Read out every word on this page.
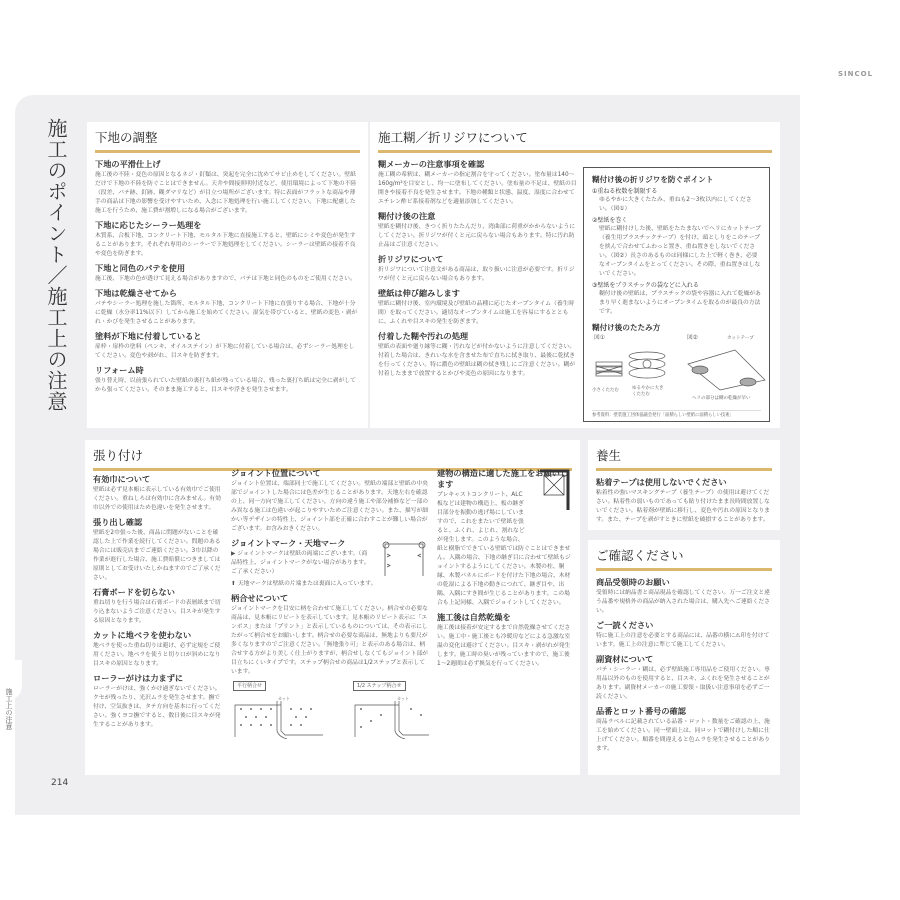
SINCOL
施工のポイント／施工上の注意
施工上の注意
214
下地の調整
下地の平滑仕上げ
施工後の不陸・変色の原因となるネジ・釘類は、突起を完全に沈めてサビ止めをしてください。壁紙だけで下地の不陸を防ぐことはできません。天井や間接照明付近など、使用環境によって下地の不陸（段差、パテ跡、釘跡、糊ダマリなど）が目立つ場所がございます。特に表面がフラットな商品や薄手の商品は下地の影響を受けやすいため、入念に下地処理を行い施工してください。下地に配慮した施工を行うため、施工費が割増しになる場合がございます。
下地に応じたシーラー処理を
木質系、合板下地、コンクリート下地、モルタル下地に直接施工すると、壁紙にシミや変色が発生することがあります。それぞれ専用のシーラーで下地処理をしてください。シーラーは壁紙の接着不良や変色を防ぎます。
下地と同色のパテを使用
施工後、下地の色が透けて見える場合がありますので、パテは下地と同色のものをご使用ください。
下地は乾燥させてから
パテやシーラー処理を施した箇所、モルタル下地、コンクリート下地に直張りする場合、下地が十分に乾燥（水分率11%以下）してから施工を始めてください。湿気を帯びていると、壁紙の変色・剥がれ・かびを発生させることがあります。
塗料が下地に付着していると
扉枠・扉枠の塗料（ペンキ、オイルステイン）が下地に付着している場合は、必ずシーラー処理をしてください。変色や剥がれ、目スキを防ぎます。
リフォーム時
張り替え時、以前張られていた壁紙の裏打ち紙が残っている場合、残った裏打ち紙は完全に剥がしてから張ってください。そのまま施工すると、目スキや浮きを発生させます。
施工糊／折リジワについて
糊メーカーの注意事項を確認
施工糊の希釈は、糊メーカーの指定割合を守ってください。塗布量は140〜160g/m²を目安とし、均一に塗布してください。塗布量の不足は、壁紙の目開きや接着不良を発生させます。下地の種類と状態、温度、湿度に合わせてエチレン酢ビ系接着剤などを適量添加してください。
糊付け後の注意
壁紙を糊付け後、きつく折りたたんだり、湾曲部に荷重がかからないようにしてください。折リジワが付くと元に戻らない場合もあります。特に汚れ防止品はご注意ください。
折リジワについて
折リジワについて注意文がある商品は、取り扱いに注意が必要です。折リジワが付くと元に戻らない場合もあります。
壁紙は伸び縮みします
壁紙に糊付け後、室内環境及び壁紙の品種に応じたオープンタイム（養生時間）を取ってください。適切なオープンタイムは施工を容易にするとともに、ふくれや目スキの発生を防ぎます。
付着した糊や汚れの処理
壁紙の表面や廻り縁等に糊・汚れなどが付かないように注意してください。付着した場合は、きれいな水を含ませた布で直ちに拭き取り、最後に乾拭きを行ってください。特に濃色の壁紙は糊の拭き残しにご注意ください。糊が付着したままで放置するとかびや変色の原因になります。
糊付け後の折リジワを防ぐポイント
①重ねる枚数を制限する
ゆるやかに大きくたたみ、重ねも2〜3枚以内にしてください。（図①）
②壁紙を巻く
壁紙に糊付けした後、壁紙をたたまないでヘリにカットテープ（養生用プラスチックテープ）を付け、頭としりをこのテープを挟んで合わせてふわっと置き、重ね置きをしないでください。（図②）長さのあるものは同様にした上で軽く巻き、必要なオープンタイムをとってください。その際、重ね置きはしないでください。
③壁紙をプラスチックの袋などに入れる
糊付け後の壁紙は、プラスチックの袋や容器に入れて乾燥があまり早く進まないようにオープンタイムを取るのが最良の方法です。
糊付け後のたたみ方
図①
小さくたたむ	ゆるやかに大きくたたむ
図②	カットテープ
ヘリの部分は糊の乾燥が早い
参考資料：壁装施工団体協議会発行「面積らしい壁紙に面積らしい技術」
張り付け
有効巾について
壁紙は必ず見本帳に表示している有効巾でご使用ください。重ねしろは有効巾に含みません。有効巾以外での使用はため色違いを発生させます。
張り出し確認
壁紙を2巾張った後、商品に問題がないことを確認した上で作業を続行してください。問題のある場合には販売店までご連絡ください。3巾以降の作業が進行した場合、施工費賠償につきましては原則としてお受けいたしかねますのでご了承ください。
石膏ボードを切らない
重ね切りを行う場合は石膏ボードの表層紙まで切り込まないようご注意ください。目スキが発生する原因となります。
カットに地ベラを使わない
地ベラを使った重ね切りは避け、必ず定規をご使用ください。地ベラを使うと切り口が斜めになり目スキの原因となります。
ローラーがけは力まずに
ローラーがけは、強くかけ過ぎないでください。クセが残ったり、光沢ムラを発生させます。撫で付け、空気抜きは、タテ方向を基本に行ってください。強くヨコ撫ですると、数日後に目スキが発生することがあります。
ジョイント位置について
ジョイント位置は、端部同士で施工してください。壁紙の端部と壁紙の中央部でジョイントした場合には色差が生じることがあります。天地左右を確認の上、同一方向で施工してください。方向の違う施工や部分補修など一部のみ異なる施工は色違いが起こりやすいためご注意ください。また、描写が細かい等デザインの特性上、ジョイント部を正確に合わすことが難しい場合がございます。お含みおきください。
ジョイントマーク・天地マーク
▶ ジョイントマークは壁紙の両端にございます。（商品特性上、ジョイントマークがない場合があります。ご了承ください）
⬆ 天地マークは壁紙の片端または裏面に入っています。
柄合せについて
ジョイントマークを目安に柄を合わせて施工してください。柄合せの必要な商品は、見本帳にリピートを表示しています。見本帳のリピート表示に「エンボス」または「プリント」と表示しているものについては、その表示にしたがって柄合せをお願いします。柄合せの必要な商品は、無地よりも要尺が多くなりますのでご注意ください。「無地張り可」と表示のある場合は、柄合せする方がより美しく仕上がりますが、柄合せしなくてもジョイント部が目立ちにくいタイプです。ステップ柄合せの商品は1/2ステップと表示しています。
平行柄合せ	1/2 ステップ柄合せ
カット	カット
建物の構造に適した施工をお願いします
プレキャストコンクリート、ALC板などは建物の構造上、板の継ぎ目部分を振動の逃げ場にしていますので、これをまたいで壁紙を張ると、ふくれ、よじれ、割れなどが発生します。このような場合、紙と樹脂でできている壁紙では防ぐことはできません。入隅の場合、下地の継ぎ目に合わせて壁紙もジョイントするようにしてください。木製の柱、胴縁、木製パネルにボードを付けた下地の場合、木材の乾湿による下地の動きにつれて、継ぎ目や、出隅、入隅にすき間が生じることがあります。この場合も上記同様、入隅でジョイントしてください。
施工後は自然乾燥を
施工後は接着が安定するまで自然乾燥させてください。施工中・施工後とも冷暖房などによる急激な室温の変化は避けてください。目スキ・剥がれが発生します。施工時の臭いが残っていますので、施工後1〜2週間は必ず換気を行ってください。
養生
粘着テープは使用しないでください
粘着性の強いマスキングテープ（養生テープ）の使用は避けてください。粘着性の弱いものであっても貼り付けたまま長時間放置しないでください。粘着剤が壁紙に移行し、変色や汚れの原因となります。また、テープを剥がすときに壁紙を破損することがあります。
ご確認ください
商品受領時のお願い
受領時には納品書と商品現品を確認してください。万一ご注文と違う品番や規格外の商品が納入された場合は、購入先へご連絡ください。
ご一読ください
特に施工上の注意を必要とする商品には、品番の横に⚠印を付けています。施工上の注意に準じて施工してください。
副資材について
パテ・シーラー・糊は、必ず壁紙施工専用品をご使用ください。専用品以外のものを使用すると、目スキ、ふくれを発生させることがあります。副資材メーカーの施工要領・取扱い注意事項を必ずご一読ください。
品番とロット番号の確認
商品ラベルに記載されている品番・ロット・数量をご確認の上、施工を始めてください。同一壁面上は、同ロットで糊付けした順に仕上げてください。順番を間違えると色ムラを発生させることがあります。
